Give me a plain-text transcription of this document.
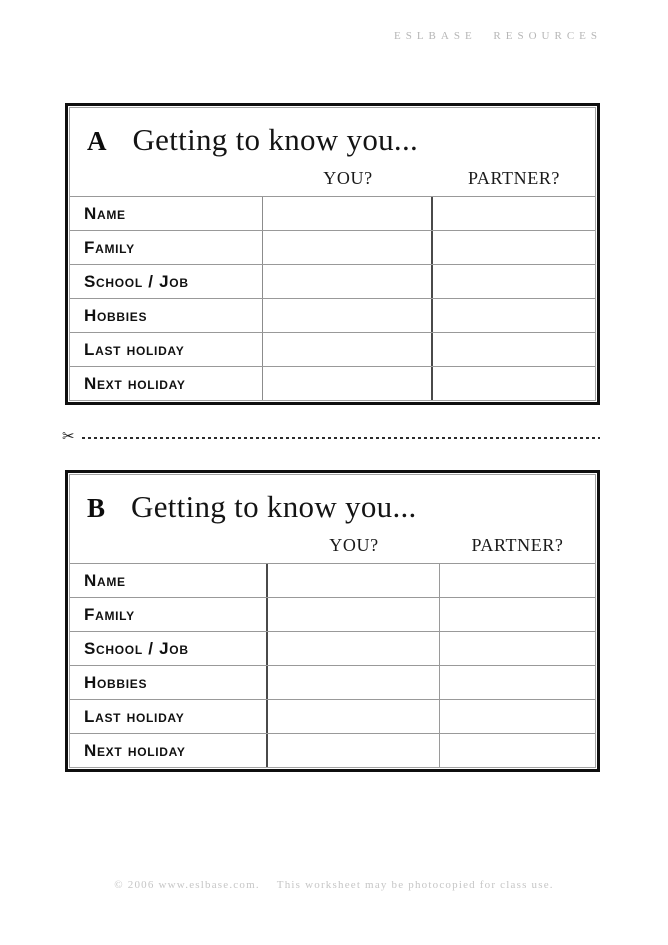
ESLBASE RESOURCES
A Getting to know you...
YOU?	PARTNER?
Name
Family
School / Job
Hobbies
Last holiday
Next holiday
✂
B Getting to know you...
YOU?	PARTNER?
Name
Family
School / Job
Hobbies
Last holiday
Next holiday
© 2006 www.eslbase.com. This worksheet may be photocopied for class use.
